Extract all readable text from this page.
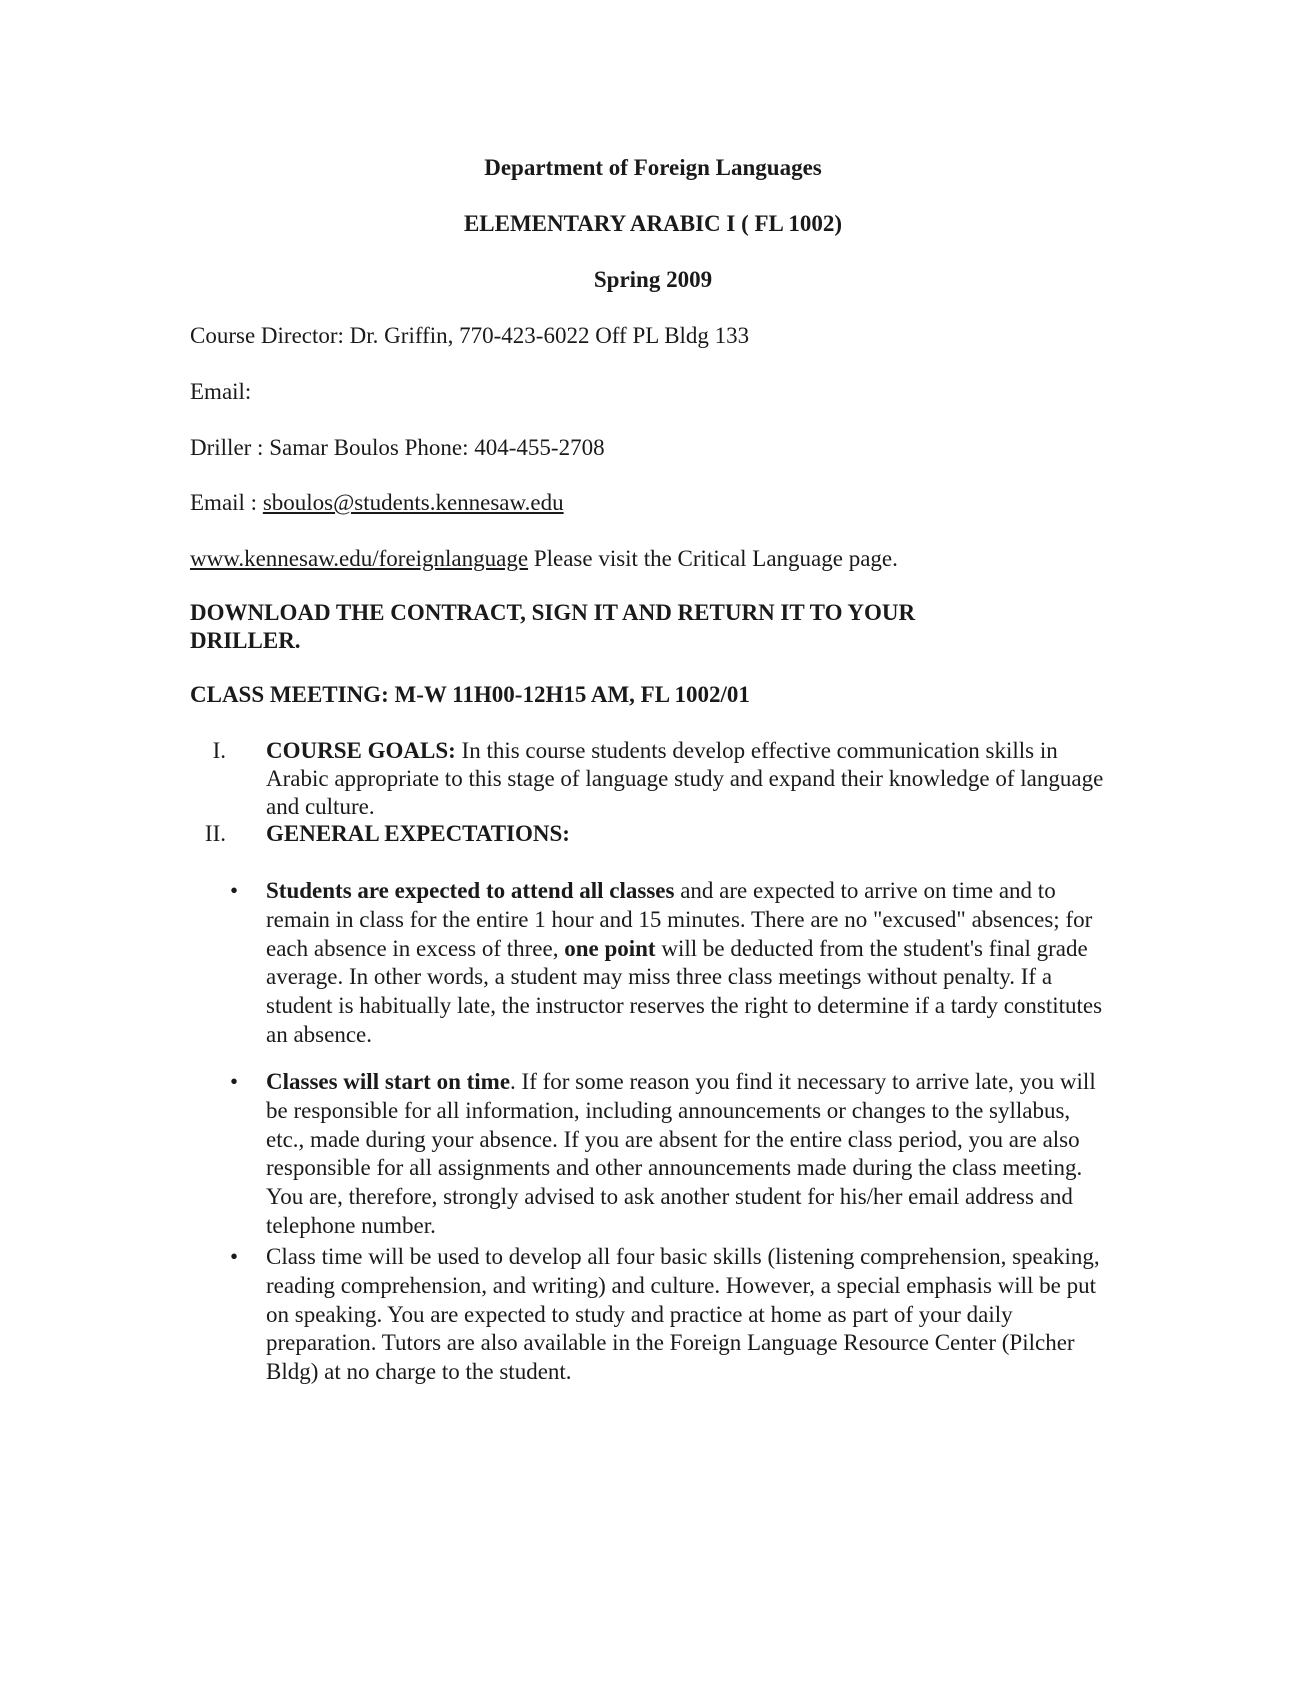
Department of Foreign Languages
ELEMENTARY ARABIC I ( FL 1002)
Spring 2009
Course Director: Dr. Griffin, 770-423-6022 Off PL Bldg 133
Email:
Driller : Samar Boulos Phone: 404-455-2708
Email : sboulos@students.kennesaw.edu
www.kennesaw.edu/foreignlanguage Please visit the Critical Language page.
DOWNLOAD THE CONTRACT, SIGN IT AND RETURN IT TO YOUR DRILLER.
CLASS MEETING: M-W 11H00-12H15 AM, FL 1002/01
I. COURSE GOALS: In this course students develop effective communication skills in Arabic appropriate to this stage of language study and expand their knowledge of language and culture.

II. GENERAL EXPECTATIONS:

• Students are expected to attend all classes and are expected to arrive on time and to remain in class for the entire 1 hour and 15 minutes. There are no "excused" absences; for each absence in excess of three, one point will be deducted from the student's final grade average. In other words, a student may miss three class meetings without penalty. If a student is habitually late, the instructor reserves the right to determine if a tardy constitutes an absence.

• Classes will start on time. If for some reason you find it necessary to arrive late, you will be responsible for all information, including announcements or changes to the syllabus, etc., made during your absence. If you are absent for the entire class period, you are also responsible for all assignments and other announcements made during the class meeting. You are, therefore, strongly advised to ask another student for his/her email address and telephone number.

• Class time will be used to develop all four basic skills (listening comprehension, speaking, reading comprehension, and writing) and culture. However, a special emphasis will be put on speaking. You are expected to study and practice at home as part of your daily preparation. Tutors are also available in the Foreign Language Resource Center (Pilcher Bldg) at no charge to the student.
